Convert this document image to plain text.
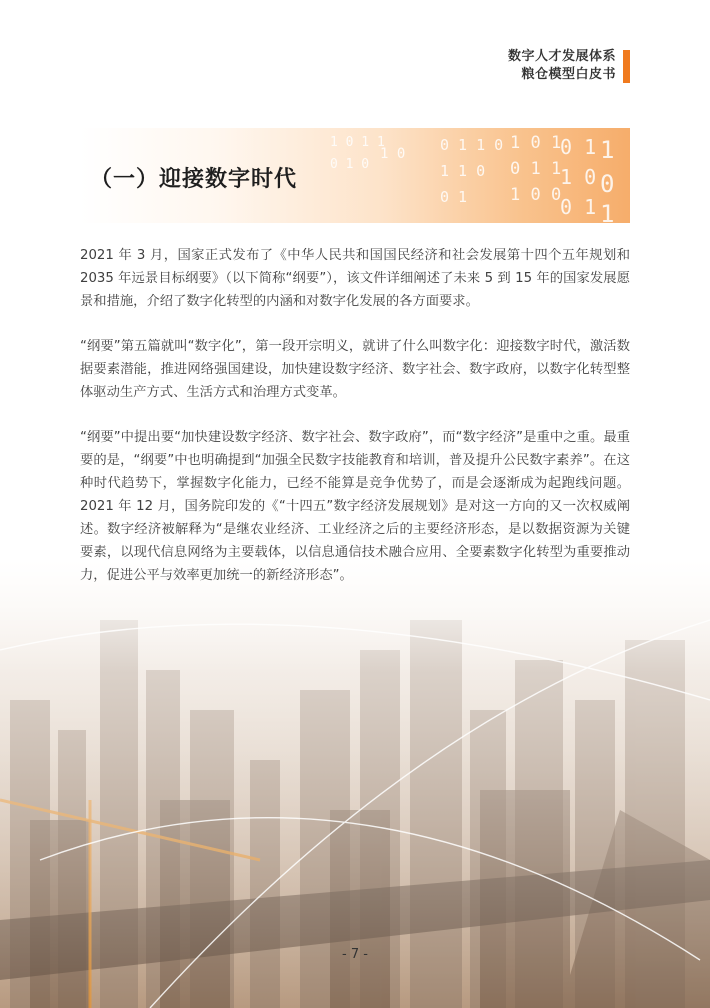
数字人才发展体系
粮仓模型白皮书
1 0 1 1
0 1 0
1 0 0 1 1 0
1 1 0
0 1
1 0 1
0 1 1
1 0 0
0 1
1 0
0 1
1
0
1
（一）迎接数字时代

2021 年 3 月，国家正式发布了《中华人民共和国国民经济和社会发展第十四个五年规划和 2035 年远景目标纲要》（以下简称“纲要”），该文件详细阐述了未来 5 到 15 年的国家发展愿景和措施，介绍了数字化转型的内涵和对数字化发展的各方面要求。

“纲要”第五篇就叫“数字化”，第一段开宗明义，就讲了什么叫数字化：迎接数字时代，激活数据要素潜能，推进网络强国建设，加快建设数字经济、数字社会、数字政府，以数字化转型整体驱动生产方式、生活方式和治理方式变革。

“纲要”中提出要“加快建设数字经济、数字社会、数字政府”，而“数字经济”是重中之重。最重要的是，“纲要”中也明确提到“加强全民数字技能教育和培训，普及提升公民数字素养”。在这种时代趋势下，掌握数字化能力，已经不能算是竞争优势了，而是会逐渐成为起跑线问题。2021 年 12 月，国务院印发的《“十四五”数字经济发展规划》是对这一方向的又一次权威阐述。数字经济被解释为“是继农业经济、工业经济之后的主要经济形态，是以数据资源为关键要素，以现代信息网络为主要载体，以信息通信技术融合应用、全要素数字化转型为重要推动力，促进公平与效率更加统一的新经济形态”。

- 7 -
